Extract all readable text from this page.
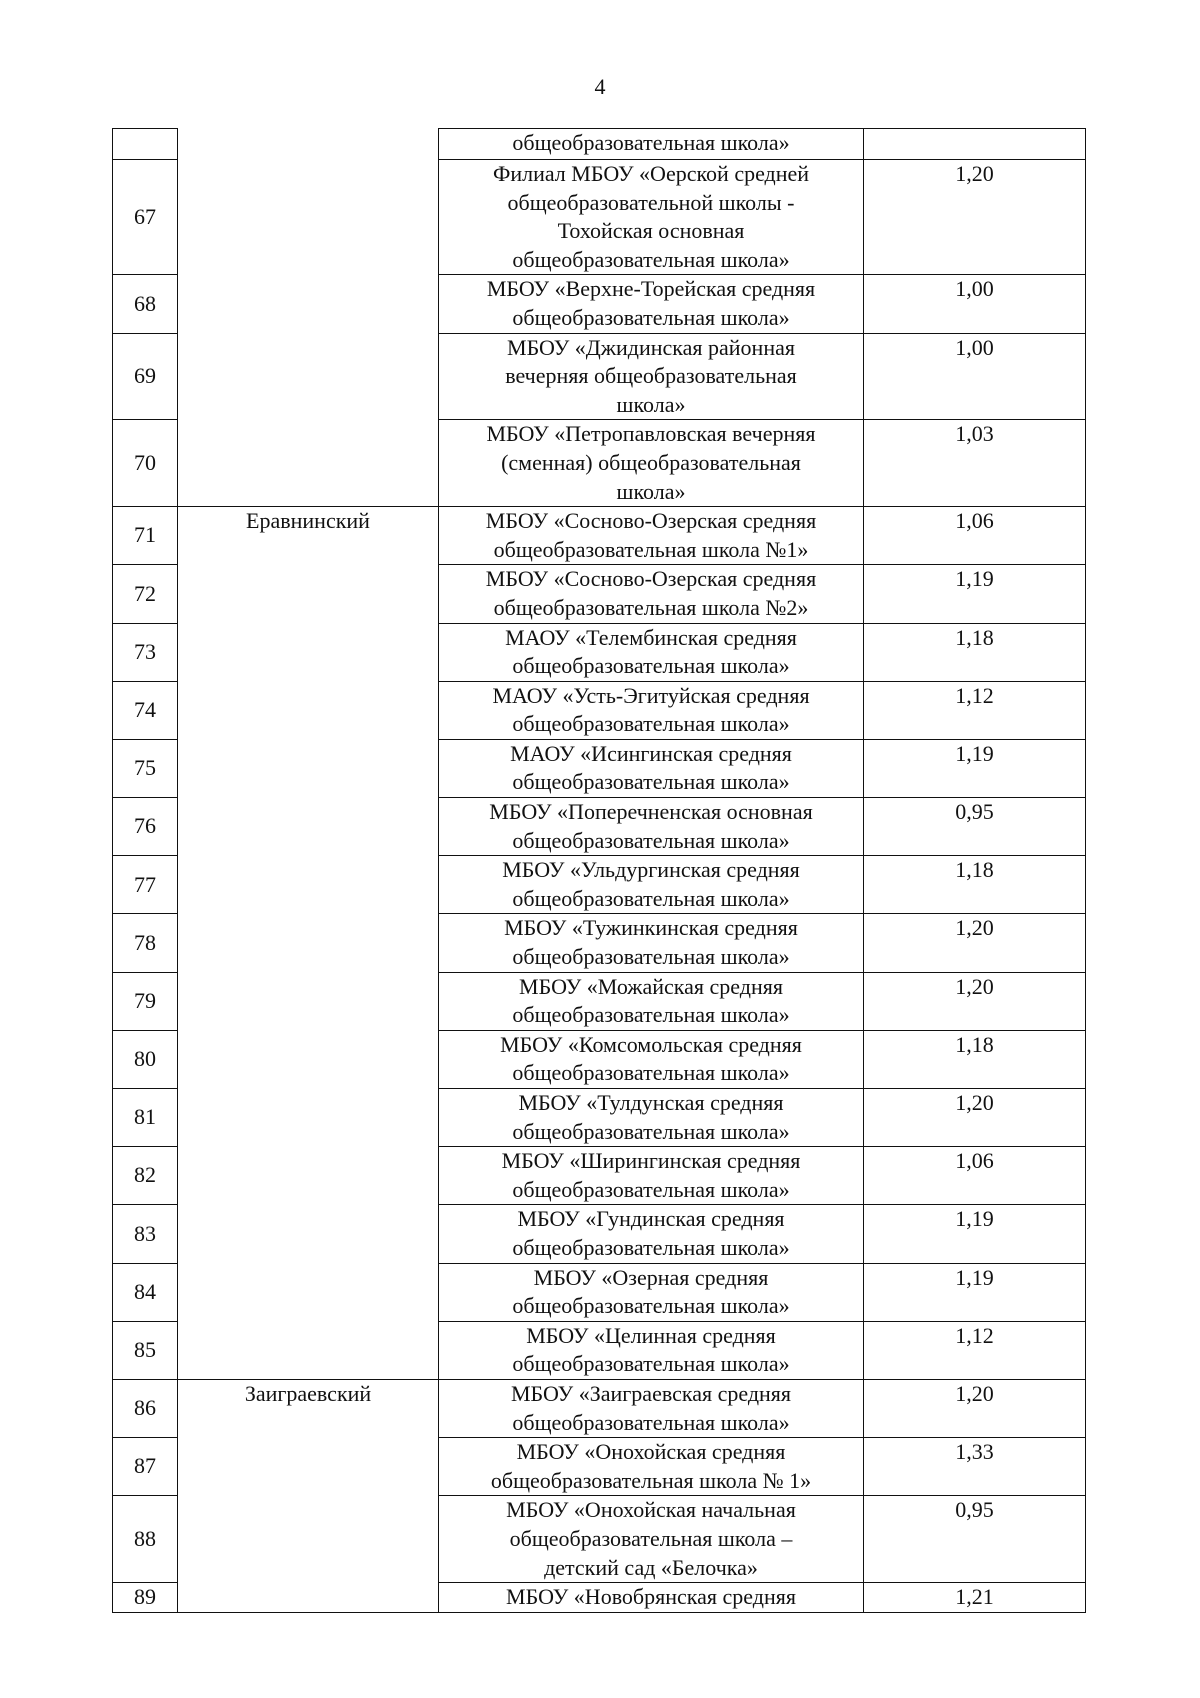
4

		общеобразовательная школа»	

67		Филиал МБОУ «Оерской средней
общеобразовательной школы -
Тохойская основная
общеобразовательная школа»	1,20
68		МБОУ «Верхне-Торейская средняя
общеобразовательная школа»	1,00
69		МБОУ «Джидинская районная
вечерняя общеобразовательная
школа»	1,00
70		МБОУ «Петропавловская вечерняя
(сменная) общеобразовательная
школа»	1,03
71	Еравнинский	МБОУ «Сосново-Озерская средняя
общеобразовательная школа №1»	1,06
72		МБОУ «Сосново-Озерская средняя
общеобразовательная школа №2»	1,19
73		МАОУ «Телембинская средняя
общеобразовательная школа»	1,18
74		МАОУ «Усть-Эгитуйская средняя
общеобразовательная школа»	1,12
75		МАОУ «Исингинская средняя
общеобразовательная школа»	1,19
76		МБОУ «Поперечненская основная
общеобразовательная школа»	0,95
77		МБОУ «Ульдургинская средняя
общеобразовательная школа»	1,18
78		МБОУ «Тужинкинская средняя
общеобразовательная школа»	1,20
79		МБОУ «Можайская средняя
общеобразовательная школа»	1,20
80		МБОУ «Комсомольская средняя
общеобразовательная школа»	1,18
81		МБОУ «Тулдунская средняя
общеобразовательная школа»	1,20
82		МБОУ «Ширингинская средняя
общеобразовательная школа»	1,06
83		МБОУ «Гундинская средняя
общеобразовательная школа»	1,19
84		МБОУ «Озерная средняя
общеобразовательная школа»	1,19
85		МБОУ «Целинная средняя
общеобразовательная школа»	1,12
86	Заиграевский	МБОУ «Заиграевская средняя
общеобразовательная школа»	1,20
87		МБОУ «Онохойская средняя
общеобразовательная школа № 1»	1,33
88		МБОУ «Онохойская начальная
общеобразовательная школа –
детский сад «Белочка»	0,95
89		МБОУ «Новобрянская средняя	1,21
